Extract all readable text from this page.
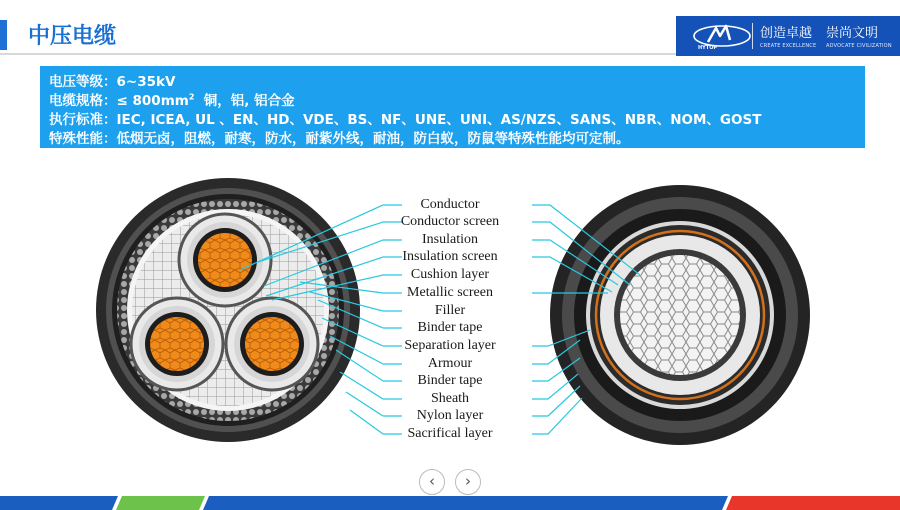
中压电缆	HYTOP
创造卓越 崇尚文明
CREATE EXCELLENCE ADVOCATE CIVILIZATION
电压等级：6~35kV
电缆规格：≤ $800mm^2$  铜，铝, 铝合金
执行标准：IEC, ICEA, UL 、EN、HD、VDE、BS、NF、UNE、UNI、AS/NZS、SANS、NBR、NOM、GOST
特殊性能：低烟无卤，阻燃，耐寒，防水，耐紫外线，耐油，防白蚁，防鼠等特殊性能均可定制。
Conductor
Conductor screen
Insulation
Insulation screen
Cushion layer
Metallic screen
Filler
Binder tape
Separation layer
Armour
Binder tape
Sheath
Nylon layer
Sacrifical layer
‹	›
